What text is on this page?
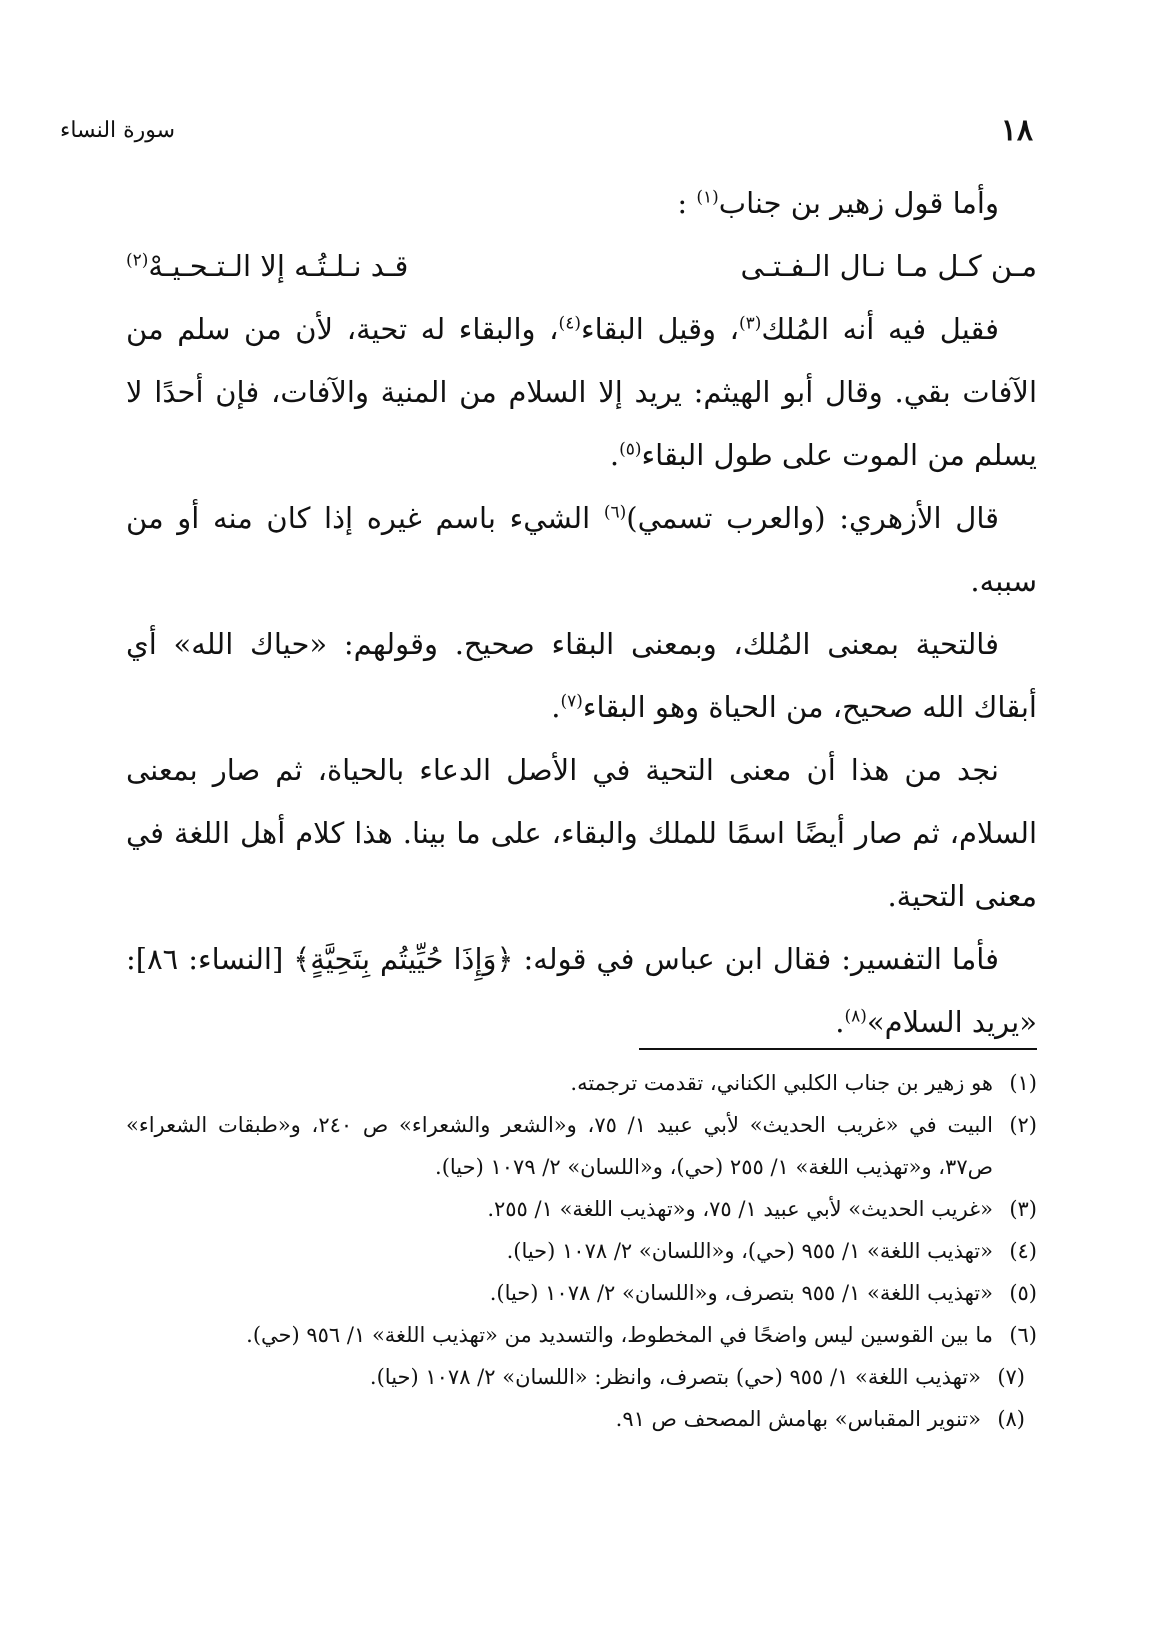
١٨
سورة النساء

وأما قول زهير بن جناب$^{(١)}$ :

مـن كـل مـا نـال الـفـتـى
قـد نـلـتُـه إلا الـتـحـيـهْ$^{(٢)}$

فقيل فيه أنه المُلك$^{(٣)}$، وقيل البقاء$^{(٤)}$، والبقاء له تحية، لأن من سلم من الآفات بقي. وقال أبو الهيثم: يريد إلا السلام من المنية والآفات، فإن أحدًا لا يسلم من الموت على طول البقاء$^{(٥)}$.

قال الأزهري: (والعرب تسمي)$^{(٦)}$ الشيء باسم غيره إذا كان منه أو من سببه.

فالتحية بمعنى المُلك، وبمعنى البقاء صحيح. وقولهم: «حياك الله» أي أبقاك الله صحيح، من الحياة وهو البقاء$^{(٧)}$.

نجد من هذا أن معنى التحية في الأصل الدعاء بالحياة، ثم صار بمعنى السلام، ثم صار أيضًا اسمًا للملك والبقاء، على ما بينا. هذا كلام أهل اللغة في معنى التحية.

فأما التفسير: فقال ابن عباس في قوله: ﴿وَإِذَا حُيِّيتُم بِتَحِيَّةٍ﴾ [النساء: ٨٦]: «يريد السلام»$^{(٨)}$.

(١)
هو زهير بن جناب الكلبي الكناني، تقدمت ترجمته.
(٢)
البيت في «غريب الحديث» لأبي عبيد ١/ ٧٥، و«الشعر والشعراء» ص ٢٤٠، و«طبقات الشعراء» ص٣٧، و«تهذيب اللغة» ١/ ٢٥٥ (حي)، و«اللسان» ٢/ ١٠٧٩ (حيا).
(٣)
«غريب الحديث» لأبي عبيد ١/ ٧٥، و«تهذيب اللغة» ١/ ٢٥٥.
(٤)
«تهذيب اللغة» ١/ ٩٥٥ (حي)، و«اللسان» ٢/ ١٠٧٨ (حيا).
(٥)
«تهذيب اللغة» ١/ ٩٥٥ بتصرف، و«اللسان» ٢/ ١٠٧٨ (حيا).
(٦)
ما بين القوسين ليس واضحًا في المخطوط، والتسديد من «تهذيب اللغة» ١/ ٩٥٦ (حي).
(٧)
«تهذيب اللغة» ١/ ٩٥٥ (حي) بتصرف، وانظر: «اللسان» ٢/ ١٠٧٨ (حيا).
(٨)
«تنوير المقباس» بهامش المصحف ص ٩١.
